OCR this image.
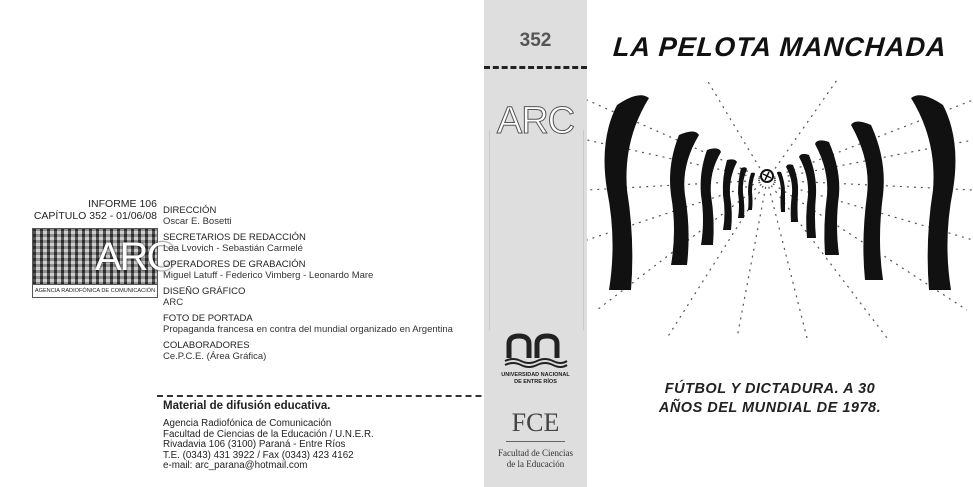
INFORME 106
CAPÍTULO 352 - 01/06/08
ARC
AGENCIA RADIOFÓNICA DE COMUNICACIÓN
DIRECCIÓN
Oscar E. Bosetti
SECRETARIOS DE REDACCIÓN
Lea Lvovich - Sebastián Carmelé
OPERADORES DE GRABACIÓN
Miguel Latuff - Federico Vimberg - Leonardo Mare
DISEÑO GRÁFICO
ARC
FOTO DE PORTADA
Propaganda francesa en contra del mundial organizado en Argentina
COLABORADORES
Ce.P.C.E. (Área Gráfica)
Material de difusión educativa.
Agencia Radiofónica de Comunicación
Facultad de Ciencias de la Educación / U.N.E.R.
Rivadavia 106 (3100) Paraná - Entre Ríos
T.E. (0343) 431 3922 / Fax (0343) 423 4162
e-mail: arc_parana@hotmail.com
352
ARC
UNIVERSIDAD NACIONAL
DE ENTRE RÍOS
FCE
Facultad de Ciencias
de la Educación
LA PELOTA MANCHADA
FÚTBOL Y DICTADURA. A 30
AÑOS DEL MUNDIAL DE 1978.
